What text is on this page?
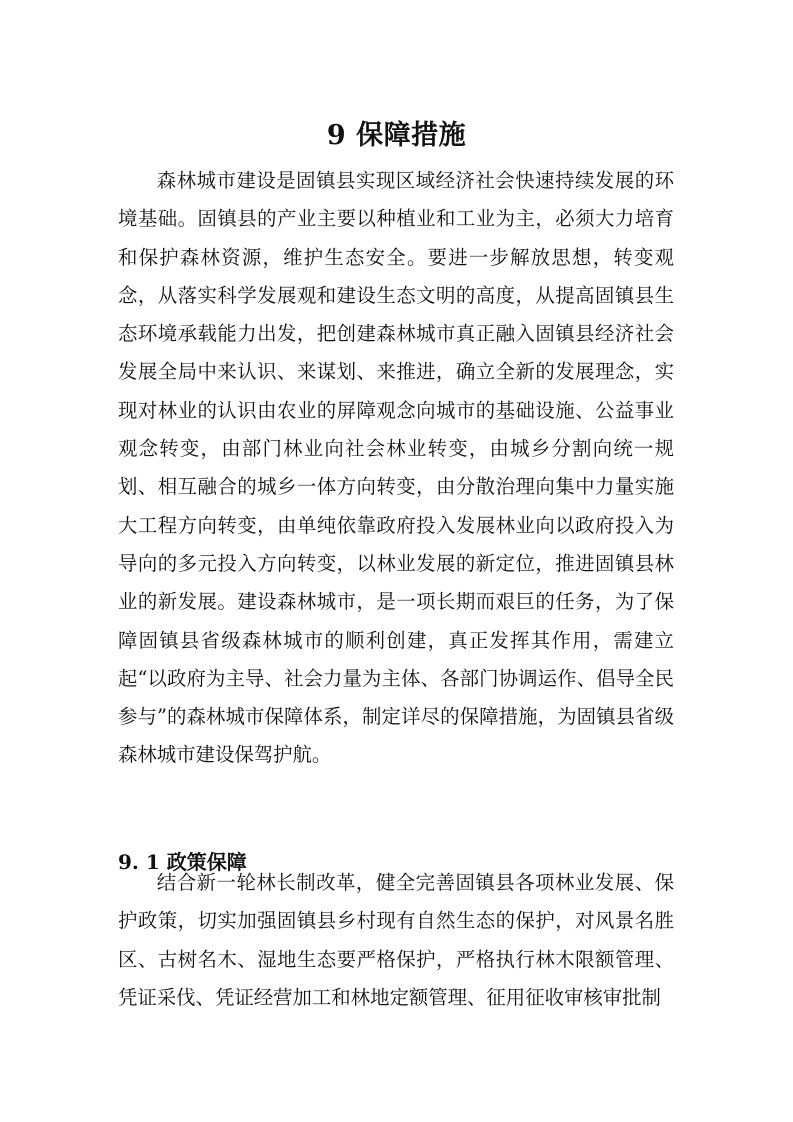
9 保障措施

森林城市建设是固镇县实现区域经济社会快速持续发展的环境基础。固镇县的产业主要以种植业和工业为主，必须大力培育和保护森林资源，维护生态安全。要进一步解放思想，转变观念，从落实科学发展观和建设生态文明的高度，从提高固镇县生态环境承载能力出发，把创建森林城市真正融入固镇县经济社会发展全局中来认识、来谋划、来推进，确立全新的发展理念，实现对林业的认识由农业的屏障观念向城市的基础设施、公益事业观念转变，由部门林业向社会林业转变，由城乡分割向统一规划、相互融合的城乡一体方向转变，由分散治理向集中力量实施大工程方向转变，由单纯依靠政府投入发展林业向以政府投入为导向的多元投入方向转变，以林业发展的新定位，推进固镇县林业的新发展。建设森林城市，是一项长期而艰巨的任务，为了保障固镇县省级森林城市的顺利创建，真正发挥其作用，需建立起“以政府为主导、社会力量为主体、各部门协调运作、倡导全民参与”的森林城市保障体系，制定详尽的保障措施，为固镇县省级森林城市建设保驾护航。

9. 1 政策保障

结合新一轮林长制改革，健全完善固镇县各项林业发展、保护政策，切实加强固镇县乡村现有自然生态的保护，对风景名胜区、古树名木、湿地生态要严格保护，严格执行林木限额管理、凭证采伐、凭证经营加工和林地定额管理、征用征收审核审批制
